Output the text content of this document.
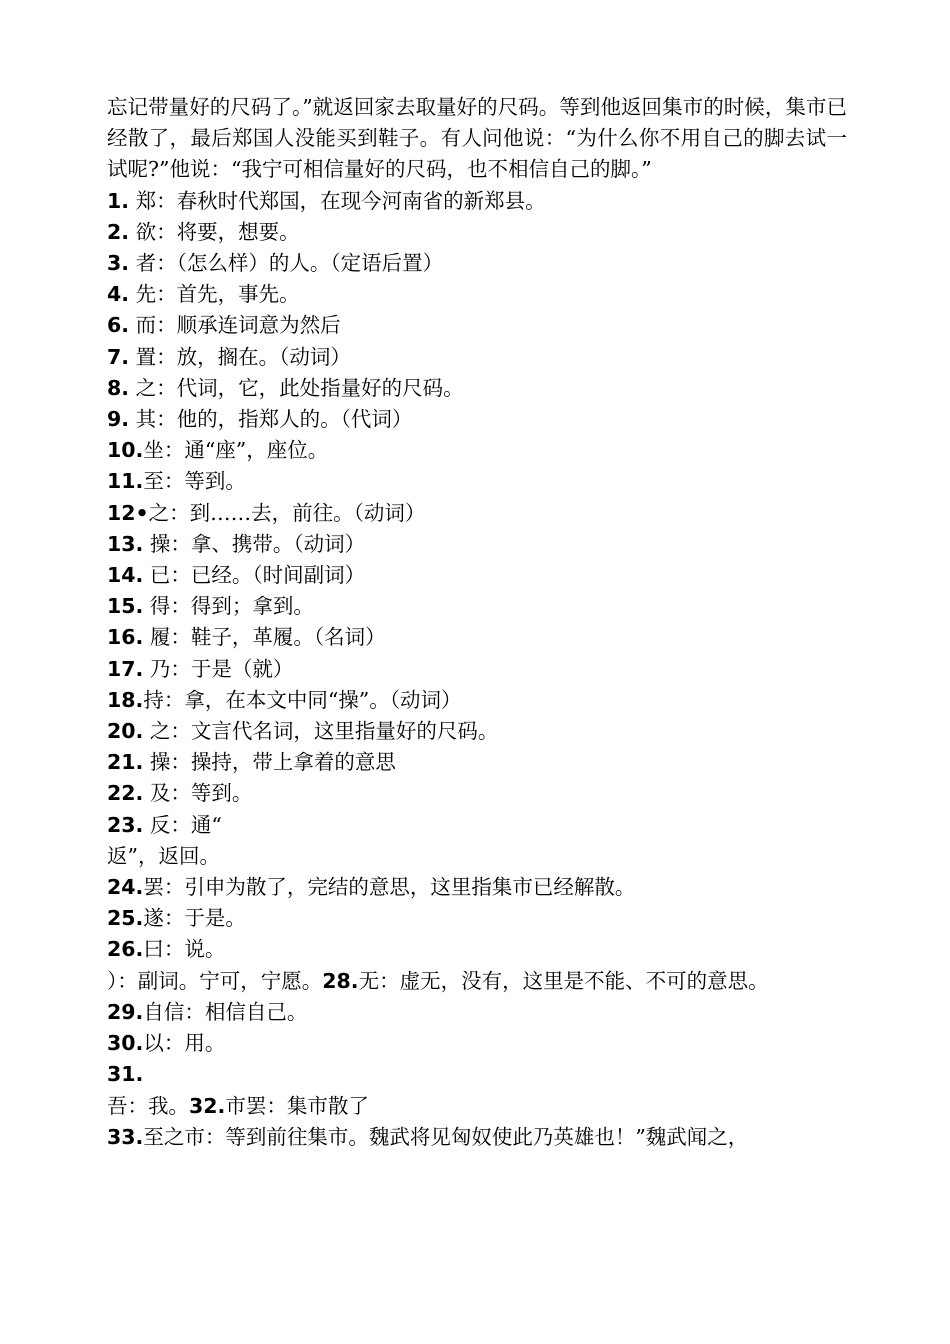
忘记带量好的尺码了。”就返回家去取量好的尺码。等到他返回集市的时候，集市已经散了，最后郑国人没能买到鞋子。有人问他说：“为什么你不用自己的脚去试一试呢?”他说：“我宁可相信量好的尺码，也不相信自己的脚。”

1. 郑：春秋时代郑国，在现今河南省的新郑县。

2. 欲：将要，想要。

3. 者：（怎么样）的人。（定语后置）

4. 先：首先，事先。

6. 而：顺承连词意为然后

7. 置：放，搁在。（动词）

8. 之：代词，它，此处指量好的尺码。

9. 其：他的，指郑人的。（代词）

10.坐：通“座”，座位。

11.至：等到。

12•之：到……去，前往。（动词）

13. 操：拿、携带。（动词）

14. 已：已经。（时间副词）

15. 得：得到；拿到。

16. 履：鞋子，革履。（名词）

17. 乃：于是（就）

18.持：拿，在本文中同“操”。（动词）

20. 之：文言代名词，这里指量好的尺码。

21. 操：操持，带上拿着的意思

22. 及：等到。

23. 反：通“

返”，返回。

24.罢：引申为散了，完结的意思，这里指集市已经解散。

25.遂：于是。

26.曰：说。

）：副词。宁可，宁愿。28.无：虚无，没有，这里是不能、不可的意思。

29.自信：相信自己。

30.以：用。

31.

吾：我。32.市罢：集市散了

33.至之市：等到前往集市。魏武将见匈奴使此乃英雄也！”魏武闻之，
